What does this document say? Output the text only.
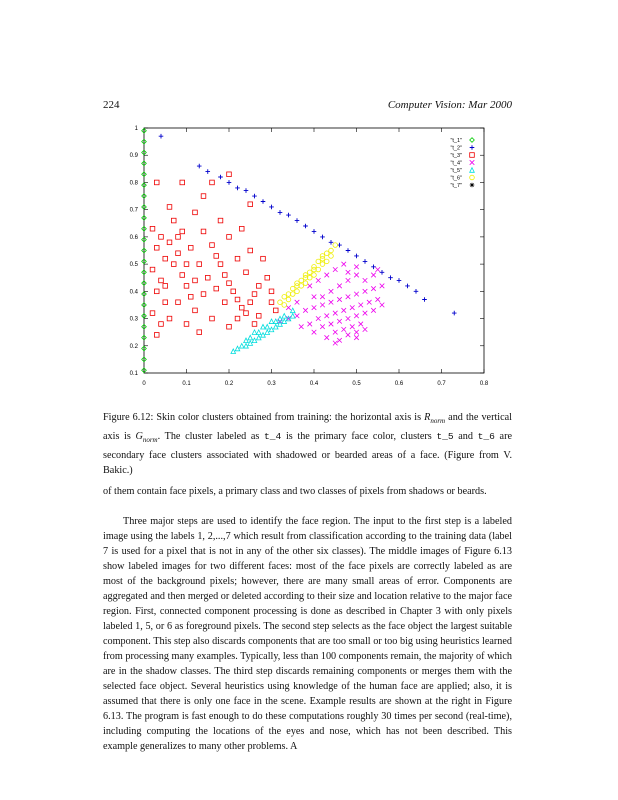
224	Computer Vision: Mar 2000
0	0.1	0.2	0.3	0.4	0.5	0.6	0.7	0.8
0.1
0.2
0.3
0.4
0.5
0.6
0.7
0.8
0.9
1
"t_1"
"t_2"
"t_3"
"t_4"
"t_5"
"t_6"
"t_7"
Figure 6.12: Skin color clusters obtained from training: the horizontal axis is $R_{norm}$ and the vertical axis is $G_{norm}$. The cluster labeled as t_4 is the primary face color, clusters t_5 and t_6 are secondary face clusters associated with shadowed or bearded areas of a face. (Figure from V. Bakic.)

of them contain face pixels, a primary class and two classes of pixels from shadows or beards.

Three major steps are used to identify the face region. The input to the first step is a labeled image using the labels 1, 2,...,7 which result from classification according to the training data (label 7 is used for a pixel that is not in any of the other six classes). The middle images of Figure 6.13 show labeled images for two different faces: most of the face pixels are correctly labeled as are most of the background pixels; however, there are many small areas of error. Components are aggregated and then merged or deleted according to their size and location relative to the major face region. First, connected component processing is done as described in Chapter 3 with only pixels labeled 1, 5, or 6 as foreground pixels. The second step selects as the face object the largest suitable component. This step also discards components that are too small or too big using heuristics learned from processing many examples. Typically, less than 100 components remain, the majority of which are in the shadow classes. The third step discards remaining components or merges them with the selected face object. Several heuristics using knowledge of the human face are applied; also, it is assumed that there is only one face in the scene. Example results are shown at the right in Figure 6.13. The program is fast enough to do these computations roughly 30 times per second (real-time), including computing the locations of the eyes and nose, which has not been described. This example generalizes to many other problems. A
